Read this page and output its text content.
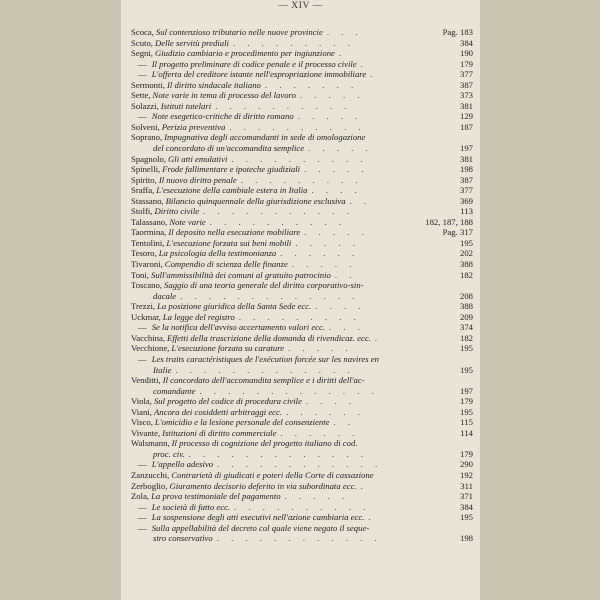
— XIV —
Scoca, Sul contenzioso tributario nelle nuove provincie . . .	Pag. 183
Scuto, Delle servitù prediali . . . . . . . . .	384
Segni, Giudizio cambiario e procedimento per ingiunzione .	190
— Il progetto preliminare di codice penale e il processo civile .	179
— L'offerta del creditore istante nell'espropriazione immobiliare .	377
Sermonti, Il diritto sindacale italiano . . . . . . .	387
Sette, Note varie in tema di processo del lavoro . . . . .	373
Solazzi, Istituti tutelari . . . . . . . . . .	381
— Note esegetico-critiche di diritto romano . . . . .	129
Solveni, Perizia preventiva . . . . . . . . . .	187
Soprano, Impugnativa degli accomandanti in sede di omologazione
del concordato di un'accomandita semplice . . . . .	197
Spagnolo, Gli atti emulativi . . . . . . . . . .	381
Spinelli, Frode fallimentare e ipoteche giudiziali . . . . .	198
Spirito, Il nuovo diritto penale . . . . . . . . .	387
Sraffa, L'esecuzione della cambiale estera in Italia . . . .	377
Stassano, Bilancio quinquennale della giurisdizione esclusiva . .	369
Stolfi, Diritto civile . . . . . . . . . . .	113
Talassano, Note varie . . . . . . . . . .	182, 187, 188
Taormina, Il deposito nella esecuzione mobiliare . . . . .	Pag. 317
Tentolini, L'esecuzione forzata sui beni mobili . . . . .	195
Tesoro, La psicologia della testimonianza . . . . . .	202
Tivaroni, Compendio di scienza delle finanze . . . . .	388
Toni, Sull'ammissibilità dei comuni al gratuito patrocinio . .	182
Toscano, Saggio di una teoria generale del diritto corporativo-sin-
dacale . . . . . . . . . . . . .	208
Trezzi, La posizione giuridica della Santa Sede ecc. . . . .	388
Uckmar, La legge del registro . . . . . . . . .	209
— Se la notifica dell'avviso accertamento valori ecc. . . .	374
Vacchina, Effetti della trascrizione della domanda di rivendicaz. ecc. .	182
Vecchione, L'esecuzione forzata su carature . . . . .	195
— Les traits caractéristiques de l'exécution forcée sur les navires en
Italie . . . . . . . . . . . . .	195
Venditti, Il concordato dell'accomandita semplice e i diritti dell'ac-
comandante . . . . . . . . . . . . .	197
Viola, Sul progetto del codice di procedura civile . . . .	179
Viani, Ancora dei cosiddetti arbitraggi ecc. . . . . . .	195
Visco, L'omicidio e la lesione personale del consenziente . .	115
Vivante, Istituzioni di diritto commerciale . . . . . .	114
Walsmann, Il processo di cognizione del progetto italiano di cod.
proc. civ. . . . . . . . . . . . . .	179
— L'appello adesivo . . . . . . . . . . . .	290
Zanzucchi, Contrarietà di giudicati e poteri della Corte di cassazione	192
Zerboglio, Giuramento decisorio deferito in via subordinata ecc. .	311
Zola, La prova testimoniale del pagamento . . . . .	371
— Le società di fatto ecc. . . . . . . . . . .	384
— La sospensione degli atti esecutivi nell'azione cambiaria ecc. .	195
— Sulla appellabilità del decreto col quale viene negato il seque-
stro conservativo . . . . . . . . . . . .	198
